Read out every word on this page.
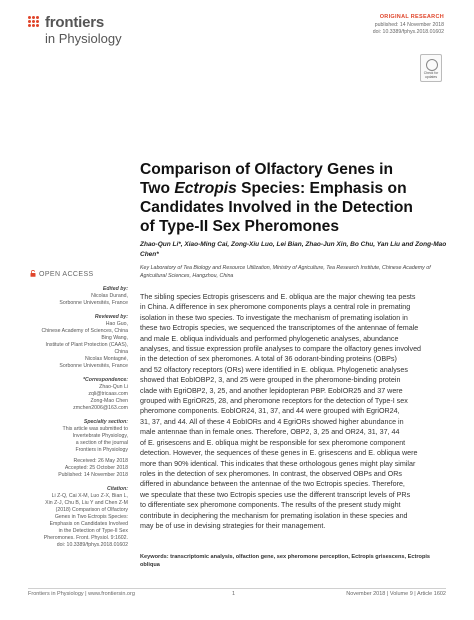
frontiers
in Physiology
ORIGINAL RESEARCH
published: 14 November 2018
doi: 10.3389/fphys.2018.01602
Check for updates
Comparison of Olfactory Genes in
Two Ectropis Species: Emphasis on
Candidates Involved in the Detection
of Type-II Sex Pheromones
Zhao-Qun Li*, Xiao-Ming Cai, Zong-Xiu Luo, Lei Bian, Zhao-Jun Xin, Bo Chu, Yan Liu and Zong-Mao Chen*
Key Laboratory of Tea Biology and Resource Utilization, Ministry of Agriculture, Tea Research Institute, Chinese Academy of Agricultural Sciences, Hangzhou, China
OPEN ACCESS
Edited by:
Nicolas Durand,
Sorbonne Universités, France
Reviewed by:
Hao Guo,
Chinese Academy of Sciences, China
Bing Wang,
Institute of Plant Protection (CAAS),
China
Nicolas Montagné,
Sorbonne Universités, France
*Correspondence:
Zhao-Qun Li
zqli@tricaas.com
Zong-Mao Chen
zmchen2006@163.com
Specialty section:
This article was submitted to
Invertebrate Physiology,
a section of the journal
Frontiers in Physiology
Received: 26 May 2018
Accepted: 25 October 2018
Published: 14 November 2018
Citation:
Li Z-Q, Cai X-M, Luo Z-X, Bian L,
Xin Z-J, Chu B, Liu Y and Chen Z-M
(2018) Comparison of Olfactory
Genes in Two Ectropis Species:
Emphasis on Candidates Involved
in the Detection of Type-II Sex
Pheromones. Front. Physiol. 9:1602.
doi: 10.3389/fphys.2018.01602
The sibling species Ectropis grisescens and E. obliqua are the major chewing tea pests
in China. A difference in sex pheromone components plays a central role in premating
isolation in these two species. To investigate the mechanism of premating isolation in
these two Ectropis species, we sequenced the transcriptomes of the antennae of female
and male E. obliqua individuals and performed phylogenetic analyses, abundance
analyses, and tissue expression profile analyses to compare the olfactory genes involved
in the detection of sex pheromones. A total of 36 odorant-binding proteins (OBPs)
and 52 olfactory receptors (ORs) were identified in E. obliqua. Phylogenetic analyses
showed that EobIOBP2, 3, and 25 were grouped in the pheromone-binding protein
clade with EgriOBP2, 3, 25, and another lepidopteran PBP. EobIOR25 and 37 were
grouped with EgriOR25, 28, and pheromone receptors for the detection of Type-I sex
pheromone components. EobIOR24, 31, 37, and 44 were grouped with EgriOR24,
31, 37, and 44. All of these 4 EobIORs and 4 EgriORs showed higher abundance in
male antennae than in female ones. Therefore, OBP2, 3, 25 and OR24, 31, 37, 44
of E. grisescens and E. obliqua might be responsible for sex pheromone component
detection. However, the sequences of these genes in E. grisescens and E. obliqua were
more than 90% identical. This indicates that these orthologous genes might play similar
roles in the detection of sex pheromones. In contrast, the observed OBPs and ORs
differed in abundance between the antennae of the two Ectropis species. Therefore,
we speculate that these two Ectropis species use the different transcript levels of PRs
to differentiate sex pheromone components. The results of the present study might
contribute in deciphering the mechanism for premating isolation in these species and
may be of use in devising strategies for their management.
Keywords: transcriptomic analysis, olfaction gene, sex pheromone perception, Ectropis grisescens, Ectropis obliqua
Frontiers in Physiology | www.frontiersin.org	1	November 2018 | Volume 9 | Article 1602
